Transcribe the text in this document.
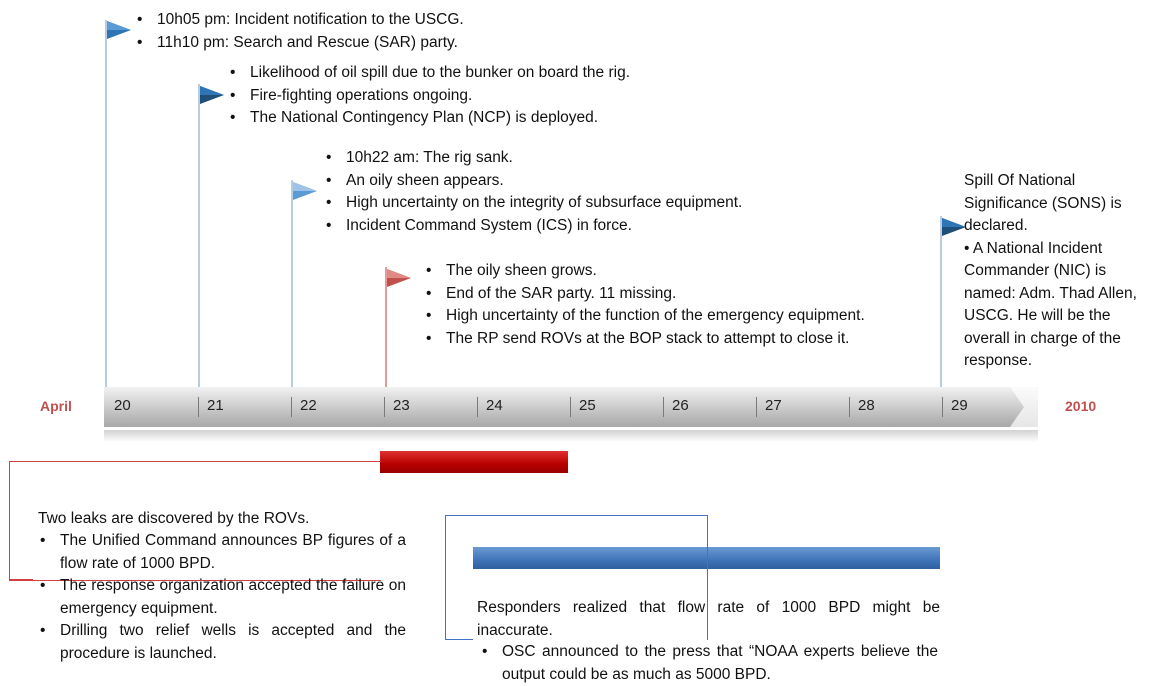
• 10h05 pm: Incident notification to the USCG.
• 11h10 pm: Search and Rescue (SAR) party.
• Likelihood of oil spill due to the bunker on board the rig.
• Fire-fighting operations ongoing.
• The National Contingency Plan (NCP) is deployed.
• 10h22 am: The rig sank.
• An oily sheen appears.
• High uncertainty on the integrity of subsurface equipment.
• Incident Command System (ICS) in force.
• The oily sheen grows.
• End of the SAR party. 11 missing.
• High uncertainty of the function of the emergency equipment.
• The RP send ROVs at the BOP stack to attempt to close it.
Spill Of National
Significance (SONS) is
declared.
• A National Incident
Commander (NIC) is
named: Adm. Thad Allen,
USCG. He will be the
overall in charge of the
response.
April	2010
20	21	22	23	24	25	26	27	28	29
Two leaks are discovered by the ROVs.
• The Unified Command announces BP figures of a flow rate of 1000 BPD.
• The response organization accepted the failure on emergency equipment.
• Drilling two relief wells is accepted and the procedure is launched.
Responders realized that flow rate of 1000 BPD might be inaccurate.
• OSC announced to the press that “NOAA experts believe the output could be as much as 5000 BPD.
